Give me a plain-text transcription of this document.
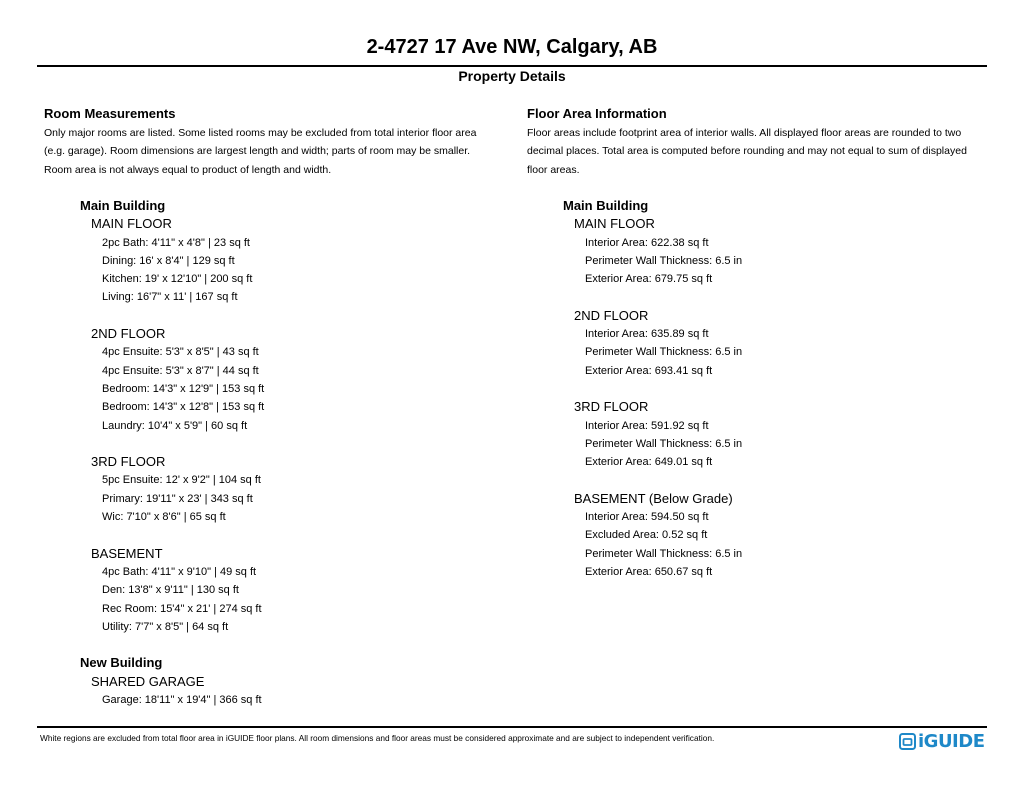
2-4727 17 Ave NW, Calgary, AB
Property Details
Room Measurements
Only major rooms are listed. Some listed rooms may be excluded from total interior floor area
(e.g. garage). Room dimensions are largest length and width; parts of room may be smaller.
Room area is not always equal to product of length and width.
Main Building
MAIN FLOOR
2pc Bath: 4'11" x 4'8" | 23 sq ft
Dining: 16' x 8'4" | 129 sq ft
Kitchen: 19' x 12'10" | 200 sq ft
Living: 16'7" x 11' | 167 sq ft
2ND FLOOR
4pc Ensuite: 5'3" x 8'5" | 43 sq ft
4pc Ensuite: 5'3" x 8'7" | 44 sq ft
Bedroom: 14'3" x 12'9" | 153 sq ft
Bedroom: 14'3" x 12'8" | 153 sq ft
Laundry: 10'4" x 5'9" | 60 sq ft
3RD FLOOR
5pc Ensuite: 12' x 9'2" | 104 sq ft
Primary: 19'11" x 23' | 343 sq ft
Wic: 7'10" x 8'6" | 65 sq ft
BASEMENT
4pc Bath: 4'11" x 9'10" | 49 sq ft
Den: 13'8" x 9'11" | 130 sq ft
Rec Room: 15'4" x 21' | 274 sq ft
Utility: 7'7" x 8'5" | 64 sq ft
New Building
SHARED GARAGE
Garage: 18'11" x 19'4" | 366 sq ft
Floor Area Information
Floor areas include footprint area of interior walls. All displayed floor areas are rounded to two
decimal places. Total area is computed before rounding and may not equal to sum of displayed
floor areas.
Main Building
MAIN FLOOR
Interior Area: 622.38 sq ft
Perimeter Wall Thickness: 6.5 in
Exterior Area: 679.75 sq ft
2ND FLOOR
Interior Area: 635.89 sq ft
Perimeter Wall Thickness: 6.5 in
Exterior Area: 693.41 sq ft
3RD FLOOR
Interior Area: 591.92 sq ft
Perimeter Wall Thickness: 6.5 in
Exterior Area: 649.01 sq ft
BASEMENT (Below Grade)
Interior Area: 594.50 sq ft
Excluded Area: 0.52 sq ft
Perimeter Wall Thickness: 6.5 in
Exterior Area: 650.67 sq ft
White regions are excluded from total floor area in iGUIDE floor plans. All room dimensions and floor areas must be considered approximate and are subject to independent verification.	iGUIDE
